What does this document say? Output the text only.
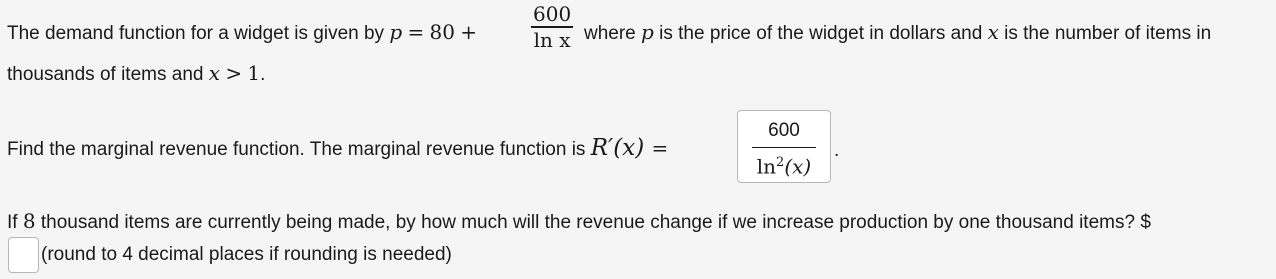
The demand function for a widget is given by p = 80 +
600
ln x where p is the price of the widget in dollars and x is the number of items in
thousands of items and x > 1.
Find the marginal revenue function. The marginal revenue function is R′(x) =
600
$\ln^2(x)$
.
If 8 thousand items are currently being made, by how much will the revenue change if we increase production by one thousand items? $
(round to 4 decimal places if rounding is needed)
